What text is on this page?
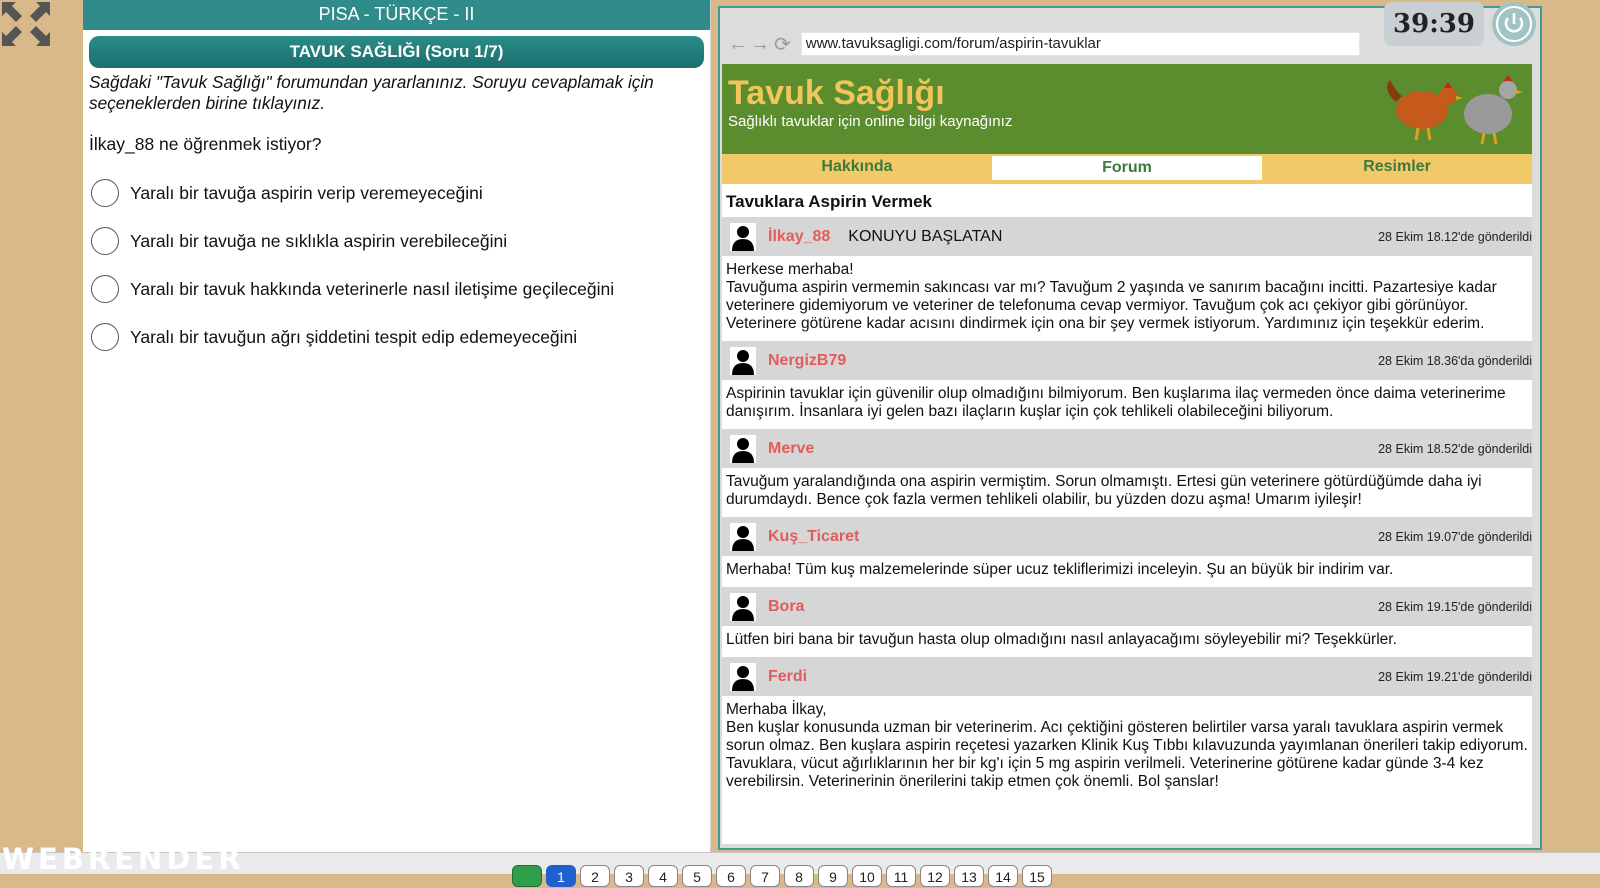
PISA - TÜRKÇE - II
TAVUK SAĞLIĞI (Soru 1/7)
Sağdaki "Tavuk Sağlığı" forumundan yararlanınız. Soruyu cevaplamak için seçeneklerden birine tıklayınız.
İlkay_88 ne öğrenmek istiyor?
Yaralı bir tavuğa aspirin verip veremeyeceğini
Yaralı bir tavuğa ne sıklıkla aspirin verebileceğini
Yaralı bir tavuk hakkında veterinerle nasıl iletişime geçileceğini
Yaralı bir tavuğun ağrı şiddetini tespit edip edemeyeceğini
← → ⟳	www.tavuksagligi.com/forum/aspirin-tavuklar
39:39
Tavuk Sağlığı
Sağlıklı tavuklar için online bilgi kaynağınız
Hakkında	Forum	Resimler
Tavuklara Aspirin Vermek
İlkay_88 KONUYU BAŞLATAN	28 Ekim 18.12'de gönderildi
Herkese merhaba!
Tavuğuma aspirin vermemin sakıncası var mı? Tavuğum 2 yaşında ve sanırım bacağını incitti. Pazartesiye kadar veterinere gidemiyorum ve veteriner de telefonuma cevap vermiyor. Tavuğum çok acı çekiyor gibi görünüyor. Veterinere götürene kadar acısını dindirmek için ona bir şey vermek istiyorum. Yardımınız için teşekkür ederim.
NergizB79	28 Ekim 18.36'da gönderildi
Aspirinin tavuklar için güvenilir olup olmadığını bilmiyorum. Ben kuşlarıma ilaç vermeden önce daima veterinerime danışırım. İnsanlara iyi gelen bazı ilaçların kuşlar için çok tehlikeli olabileceğini biliyorum.
Merve	28 Ekim 18.52'de gönderildi
Tavuğum yaralandığında ona aspirin vermiştim. Sorun olmamıştı. Ertesi gün veterinere götürdüğümde daha iyi durumdaydı. Bence çok fazla vermen tehlikeli olabilir, bu yüzden dozu aşma! Umarım iyileşir!
Kuş_Ticaret	28 Ekim 19.07'de gönderildi
Merhaba! Tüm kuş malzemelerinde süper ucuz tekliflerimizi inceleyin. Şu an büyük bir indirim var.
Bora	28 Ekim 19.15'de gönderildi
Lütfen biri bana bir tavuğun hasta olup olmadığını nasıl anlayacağımı söyleyebilir mi? Teşekkürler.
Ferdi	28 Ekim 19.21'de gönderildi
Merhaba İlkay,
Ben kuşlar konusunda uzman bir veterinerim. Acı çektiğini gösteren belirtiler varsa yaralı tavuklara aspirin vermek sorun olmaz. Ben kuşlara aspirin reçetesi yazarken Klinik Kuş Tıbbı kılavuzunda yayımlanan önerileri takip ediyorum. Tavuklara, vücut ağırlıklarının her bir kg'ı için 5 mg aspirin verilmeli. Veterinerine götürene kadar günde 3-4 kez verebilirsin. Veterinerinin önerilerini takip etmen çok önemli. Bol şanslar!
1	2	3	4	5	6	7	8	9	10	11	12	13	14	15
WEBRENDER
